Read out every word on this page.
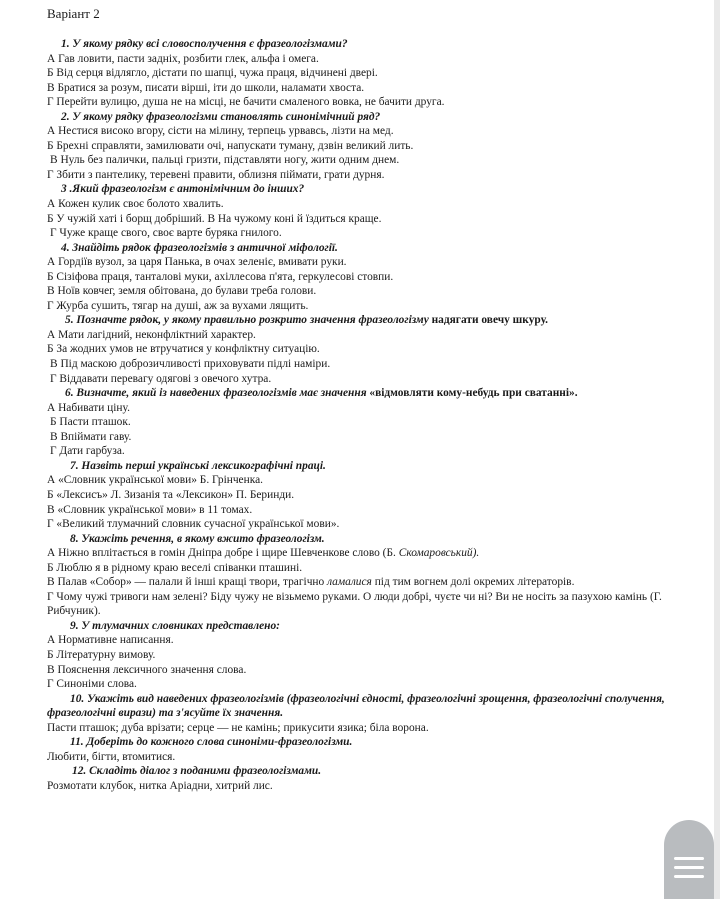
Варіант 2
1. У якому рядку всі словосполучення є фразеологізмами?
А Гав ловити, пасти задніх, розбити глек, альфа і омега.
Б Від серця відлягло, дістати по шапці, чужа праця, відчинені двері.
В Братися за розум, писати вірші, іти до школи, наламати хвоста.
Г Перейти вулицю, душа не на місці, не бачити смаленого вовка, не бачити друга.
2. У якому рядку фразеологізми становлять синонімічний ряд?
А Нестися високо вгору, сісти на мілину, терпець урвавсь, лізти на мед.
Б Брехні справляти, замилювати очі, напускати туману, дзвін великий лить.
В Нуль без палички, пальці гризти, підставляти ногу, жити одним днем.
Г Збити з пантелику, теревені правити, облизня піймати, грати дурня.
3 .Який фразеологізм є антонімічним до інших?
А Кожен кулик своє болото хвалить.
Б У чужій хаті і борщ добріший. В На чужому коні й їздиться краще.
Г Чуже краще свого, своє варте буряка гнилого.
4. Знайдіть рядок фразеологізмів з античної міфології.
А Гордіїв вузол, за царя Панька, в очах зеленіє, вмивати руки.
Б Сізіфова праця, танталові муки, ахіллесова п'ята, геркулесові стовпи.
В Ноїв ковчег, земля обітована, до булави треба голови.
Г Журба сушить, тягар на душі, аж за вухами лящить.
5. Позначте рядок, у якому правильно розкрито значення фразеологізму надягати овечу шкуру.
А Мати лагідний, неконфліктний характер.
Б За жодних умов не втручатися у конфліктну ситуацію.
В Під маскою доброзичливості приховувати підлі наміри.
Г Віддавати перевагу одягові з овечого хутра.
6. Визначте, який із наведених фразеологізмів має значення «відмовляти кому-небудь при сватанні».
А Набивати ціну.
Б Пасти пташок.
В Впіймати гаву.
Г Дати гарбуза.
7. Назвіть перші українські лексикографічні праці.
А «Словник української мови» Б. Грінченка.
Б «Лексисъ» Л. Зизанія та «Лексикон» П. Беринди.
В «Словник української мови» в 11 томах.
Г «Великий тлумачний словник сучасної української мови».
8. Укажіть речення, в якому вжито фразеологізм.
А Ніжно вплітається в гомін Дніпра добре і щире Шевченкове слово (Б. Скомаровський).
Б Люблю я в рідному краю веселі співанки пташині.
В Палав «Собор» — палали й інші кращі твори, трагічно ламалися під тим вогнем долі окремих літераторів.
Г Чому чужі тривоги нам зелені? Біду чужу не візьмемо руками. О люди добрі, чуєте чи ні? Ви не носіть за пазухою камінь (Г. Рибчуник).
9. У тлумачних словниках представлено:
А Нормативне написання.
Б Літературну вимову.
В Пояснення лексичного значення слова.
Г Синоніми слова.
10. Укажіть вид наведених фразеологізмів (фразеологічні єдності, фразеологічні зрощення, фразеологічні сполучення, фразеологічні вирази) та з'ясуйте їх значення.
Пасти пташок; дуба врізати; серце — не камінь; прикусити язика; біла ворона.
11. Доберіть до кожного слова синоніми-фразеологізми.
Любити, бігти, втомитися.
12. Складіть діалог з поданими фразеологізмами.
Розмотати клубок, нитка Аріадни, хитрий лис.
